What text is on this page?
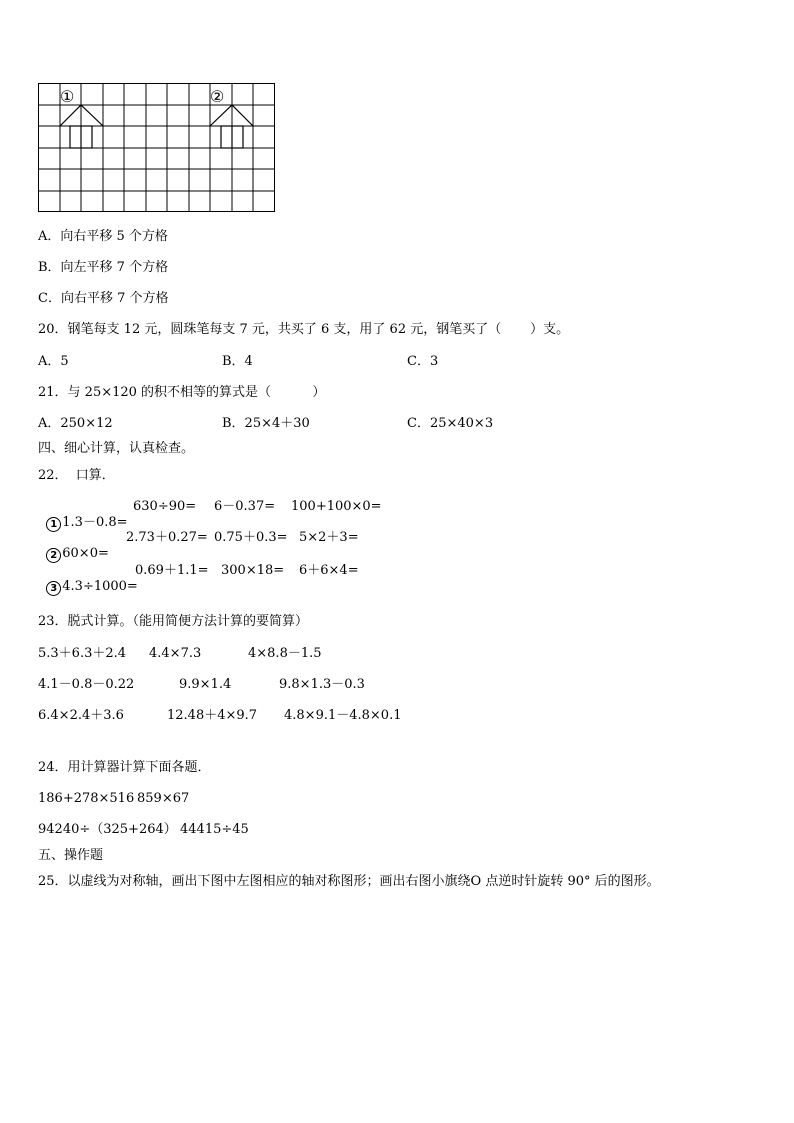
①	②
A．向右平移 5 个方格
B．向左平移 7 个方格
C．向右平移 7 个方格
20．钢笔每支 12 元，圆珠笔每支 7 元，共买了 6 支，用了 62 元，钢笔买了（       ）支。
A．5	B．4	C．3
21．与 25×120 的积不相等的算式是（          ）
A．250×12	B．25×4＋30	C．25×40×3
四、细心计算，认真检查。
22．  口算．

1 1.3－0.8=

630÷90= 6－0.37= 100+100×0=

2 60×0=

2.73＋0.27= 0.75＋0.3= 5×2＋3=

3 4.3÷1000=

0.69＋1.1= 300×18= 6＋6×4=
23．脱式计算。（能用简便方法计算的要简算）
5.3＋6.3＋2.4 4.4×7.3	4×8.8－1.5
4.1－0.8－0.22	9.9×1.4	9.8×1.3－0.3
6.4×2.4＋3.6	12.48＋4×9.7 4.8×9.1－4.8×0.1
24．用计算器计算下面各题．
186+278×516 859×67
94240÷（325+264） 44415÷45
五、操作题
25．以虚线为对称轴，画出下图中左图相应的轴对称图形；画出右图小旗绕O 点逆时针旋转 90° 后的图形。
